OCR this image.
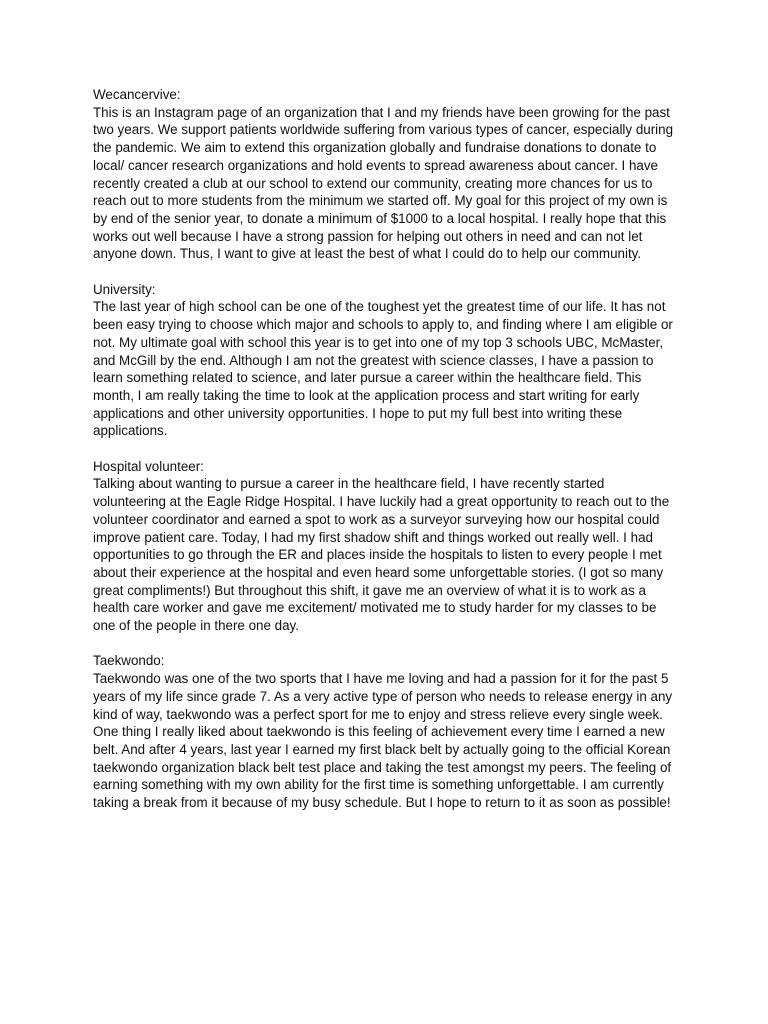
Wecancervive:
This is an Instagram page of an organization that I and my friends have been growing for the past two years. We support patients worldwide suffering from various types of cancer, especially during the pandemic. We aim to extend this organization globally and fundraise donations to donate to local/ cancer research organizations and hold events to spread awareness about cancer. I have recently created a club at our school to extend our community, creating more chances for us to reach out to more students from the minimum we started off. My goal for this project of my own is by end of the senior year, to donate a minimum of $1000 to a local hospital. I really hope that this works out well because I have a strong passion for helping out others in need and can not let anyone down. Thus, I want to give at least the best of what I could do to help our community.
University:
The last year of high school can be one of the toughest yet the greatest time of our life. It has not been easy trying to choose which major and schools to apply to, and finding where I am eligible or not. My ultimate goal with school this year is to get into one of my top 3 schools UBC, McMaster, and McGill by the end. Although I am not the greatest with science classes, I have a passion to learn something related to science, and later pursue a career within the healthcare field. This month, I am really taking the time to look at the application process and start writing for early applications and other university opportunities. I hope to put my full best into writing these applications.
Hospital volunteer:
Talking about wanting to pursue a career in the healthcare field, I have recently started volunteering at the Eagle Ridge Hospital. I have luckily had a great opportunity to reach out to the volunteer coordinator and earned a spot to work as a surveyor surveying how our hospital could improve patient care. Today, I had my first shadow shift and things worked out really well. I had opportunities to go through the ER and places inside the hospitals to listen to every people I met about their experience at the hospital and even heard some unforgettable stories. (I got so many great compliments!) But throughout this shift, it gave me an overview of what it is to work as a health care worker and gave me excitement/ motivated me to study harder for my classes to be one of the people in there one day.
Taekwondo:
Taekwondo was one of the two sports that I have me loving and had a passion for it for the past 5 years of my life since grade 7. As a very active type of person who needs to release energy in any kind of way, taekwondo was a perfect sport for me to enjoy and stress relieve every single week. One thing I really liked about taekwondo is this feeling of achievement every time I earned a new belt. And after 4 years, last year I earned my first black belt by actually going to the official Korean taekwondo organization black belt test place and taking the test amongst my peers. The feeling of earning something with my own ability for the first time is something unforgettable. I am currently taking a break from it because of my busy schedule. But I hope to return to it as soon as possible!
